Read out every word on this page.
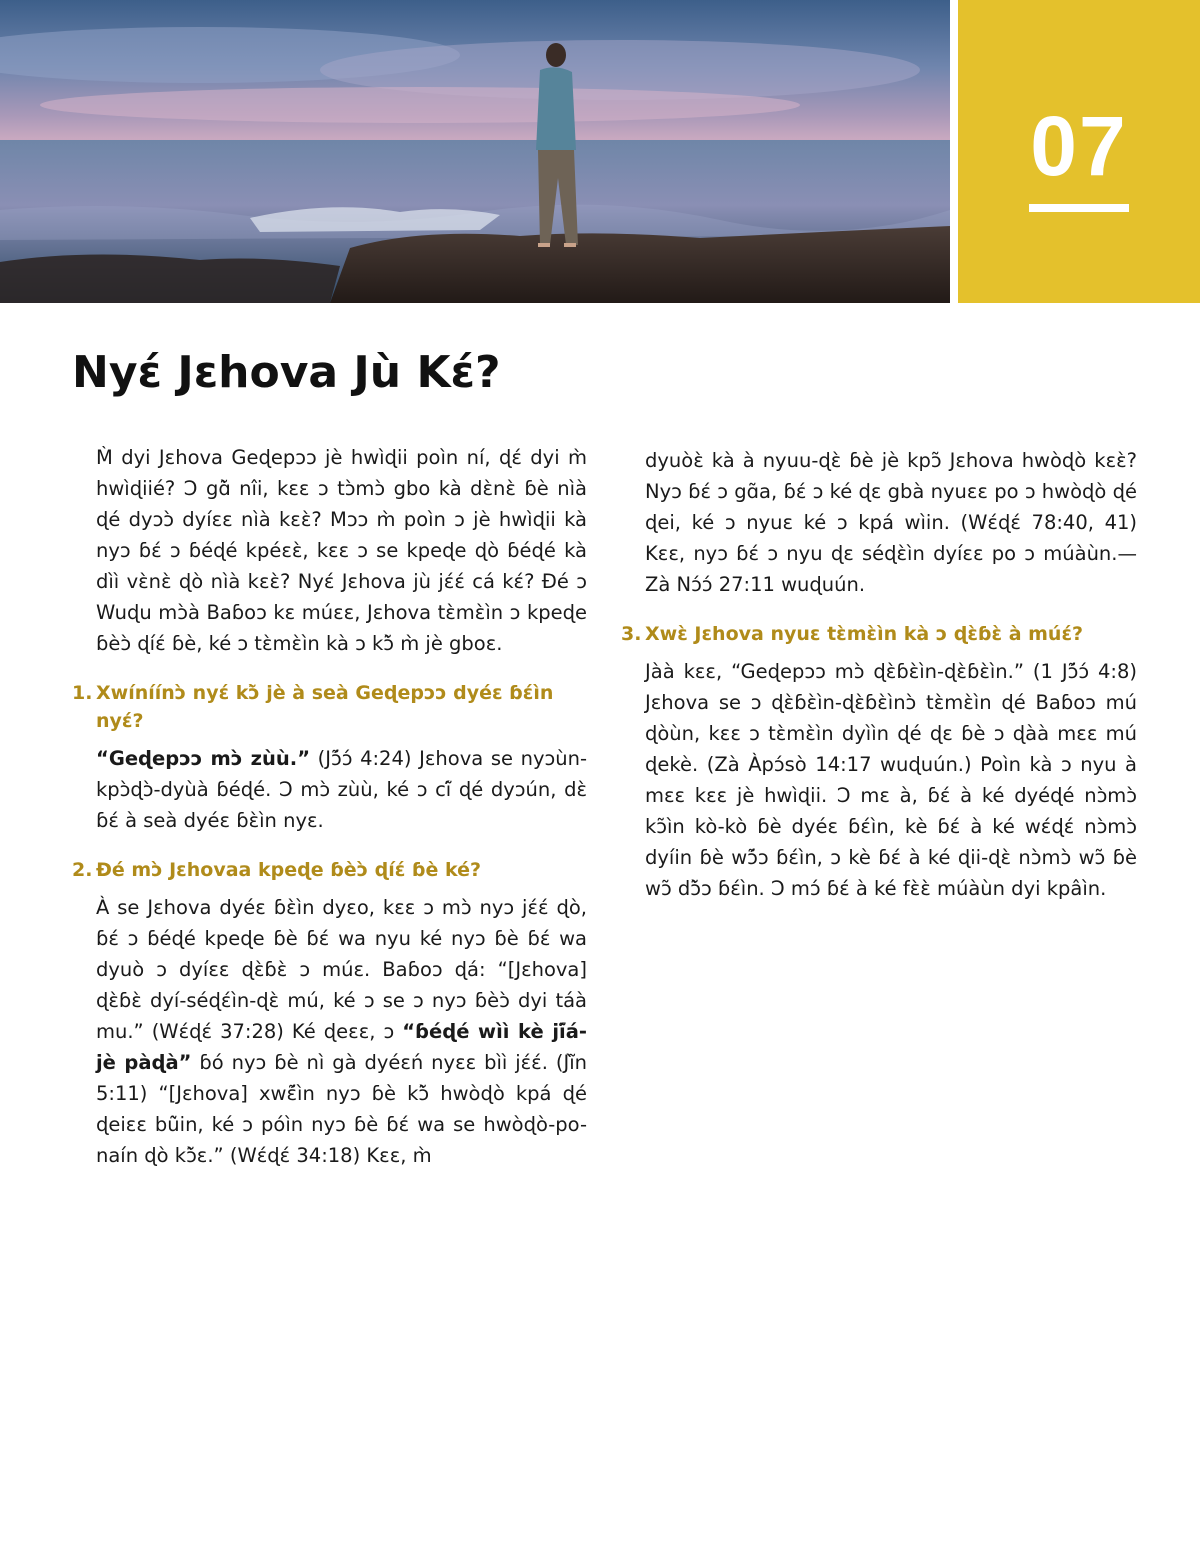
07
Nyɛ́ Jɛhova Jù Kɛ́?

M̀ dyi Jɛhova Geɖepɔɔ jè hwìɖii poìn ní, ɖɛ́ dyi m̀ hwìɖiié? Ɔ gɑ̃̀ nîi, kɛɛ ɔ tɔ̀mɔ̀ gbo kà dɛ̀nɛ̀ ɓè nìà ɖé dyɔɔ̀ dyíɛɛ nìà kɛɛ̀? Mɔɔ m̀ poìn ɔ jè hwìɖii kà nyɔ ɓɛ́ ɔ ɓéɖé kpéɛɛ̀, kɛɛ ɔ se kpeɖe ɖò ɓéɖé kà dìì vɛ̀nɛ̀ ɖò nìà kɛɛ̀? Nyɛ́ Jɛhova jù jɛ́ɛ́ cá kɛ́? Ɖé ɔ Wuɖu mɔ̀à Baɓoɔ kɛ múɛɛ, Jɛhova tɛ̀mɛ̀ìn ɔ kpeɖe ɓèɔ̀ ɖíɛ́ ɓè, ké ɔ tɛ̀mɛ̀ìn kà ɔ kɔ̃̀ m̀ jè gboɛ.

1. Xwíníínɔ̀ nyɛ́ kɔ̃̀ jè à seà Geɖepɔɔ dyéɛ ɓɛ́ìn nyɛ́?

“Geɖepɔɔ mɔ̀ zùù.” (Jɔ̃́ɔ́ 4:24) Jɛhova se nyɔùn-kpɔ̀ɖɔ̀-dyùà ɓéɖé. Ɔ mɔ̀ zùù, ké ɔ cĩ́ ɖé dyɔún, dɛ̀ ɓɛ́ à seà dyéɛ ɓɛ̀ìn nyɛ.

2. Ɖé mɔ̀ Jɛhovaa kpeɖe ɓèɔ̀ ɖíɛ́ ɓè ké?

À se Jɛhova dyéɛ ɓɛ̀ìn dyɛo, kɛɛ ɔ mɔ̀ nyɔ jɛ́ɛ́ ɖò, ɓɛ́ ɔ ɓéɖé kpeɖe ɓè ɓɛ́ wa nyu ké nyɔ ɓè ɓɛ́ wa dyuò ɔ dyíɛɛ ɖɛ̀ɓɛ̀ ɔ múɛ. Baɓoɔ ɖá: “[Jɛhova] ɖɛ̀ɓɛ̀ dyí-séɖɛ́ìn-ɖɛ̀ mú, ké ɔ se ɔ nyɔ ɓèɔ̀ dyi táà mu.” (Wɛ́ɖɛ́ 37:28) Ké ɖeɛɛ, ɔ “ɓéɖé wìì kè jĩ́á-jè pàɖà” ɓó nyɔ ɓè nì gà dyéɛń nyɛɛ bìì jɛ́ɛ́. (Jĩ̀n 5:11) “[Jɛhova] xwɛ̃́ìn nyɔ ɓè kɔ̃̀ hwòɖò kpá ɖé ɖeiɛɛ bũ̀in, ké ɔ póìn nyɔ ɓè ɓɛ́ wa se hwòɖò-po-naín ɖò kɔ̃̀ɛ.” (Wɛ́ɖɛ́ 34:18) Kɛɛ, m̀

dyuòɛ̀ kà à nyuu-ɖɛ̀ ɓè jè kpɔ̃ Jɛhova hwòɖò kɛɛ̀? Nyɔ ɓɛ́ ɔ gɑ̃a, ɓɛ́ ɔ ké ɖɛ gbà nyuɛɛ po ɔ hwòɖò ɖé ɖei, ké ɔ nyuɛ ké ɔ kpá wìin. (Wɛ́ɖɛ́ 78:40, 41) Kɛɛ, nyɔ ɓɛ́ ɔ nyu ɖɛ séɖɛ̀ìn dyíɛɛ po ɔ múàùn.—Zà Nɔ́ɔ́ 27:11 wuɖuún.

3. Xwɛ̀ Jɛhova nyuɛ tɛ̀mɛ̀ìn kà ɔ ɖɛ̀ɓɛ̀ à múɛ́?

Jàà kɛɛ, “Geɖepɔɔ mɔ̀ ɖɛ̀ɓɛ̀ìn-ɖɛ̀ɓɛ̀ìn.” (1 Jɔ̃́ɔ́ 4:8) Jɛhova se ɔ ɖɛ̀ɓɛ̀ìn-ɖɛ̀ɓɛ̀ìnɔ̀ tɛ̀mɛ̀ìn ɖé Baɓoɔ mú ɖòùn, kɛɛ ɔ tɛ̀mɛ̀ìn dyììn ɖé ɖɛ ɓè ɔ ɖàà mɛɛ mú ɖekè. (Zà Àpɔ́sò 14:17 wuɖuún.) Poìn kà ɔ nyu à mɛɛ kɛɛ jè hwìɖii. Ɔ mɛ à, ɓɛ́ à ké dyéɖé nɔ̀mɔ̀ kɔ̃ìn kò-kò ɓè dyéɛ ɓɛ́ìn, kè ɓɛ́ à ké wɛ́ɖɛ́ nɔ̀mɔ̀ dyíin ɓè wɔ̃́ɔ ɓɛ́ìn, ɔ kè ɓɛ́ à ké ɖii-ɖɛ̀ nɔ̀mɔ̀ wɔ̃ ɓè wɔ̃ dɔ̃̀ɔ ɓɛ́ìn. Ɔ mɔ́ ɓɛ́ à ké fɛ̀ɛ̀ múàùn dyi kpâìn.
